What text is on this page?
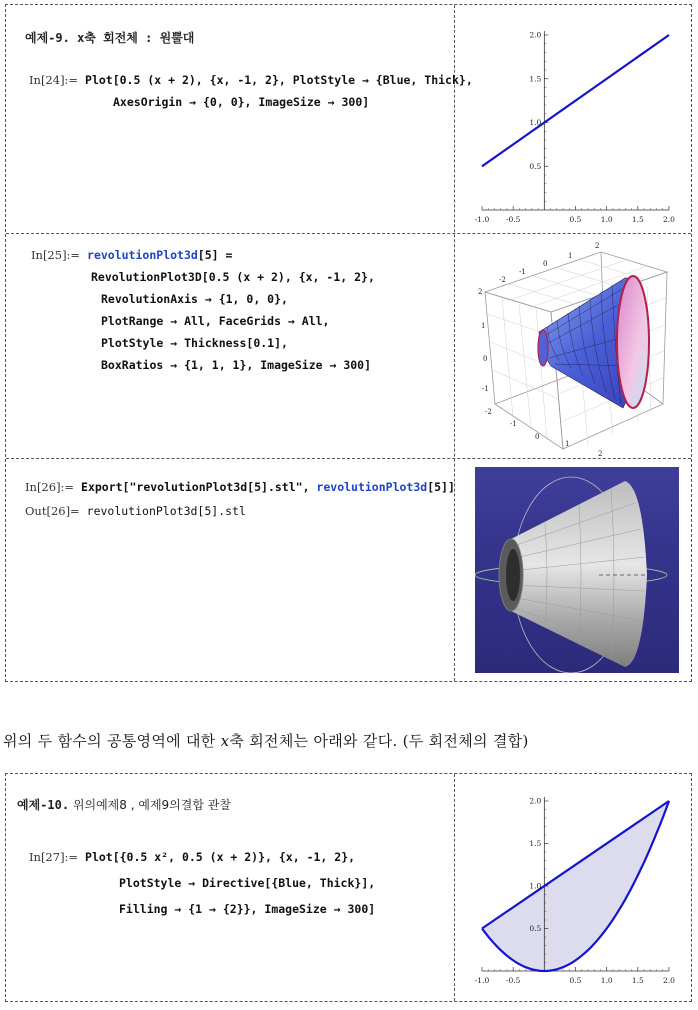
예제-9. x축 회전체 : 원뿔대
In[24]:= Plot[0.5 (x + 2), {x, -1, 2}, PlotStyle → {Blue, Thick},
AxesOrigin → {0, 0}, ImageSize → 300]
-1.0 -0.5	0.5	1.0	1.5	2.0
0.5
1.0
1.5
2.0
In[25]:= revolutionPlot3d[5] =
RevolutionPlot3D[0.5 (x + 2), {x, -1, 2},
RevolutionAxis → {1, 0, 0},
PlotRange → All, FaceGrids → All,
PlotStyle → Thickness[0.1],
BoxRatios → {1, 1, 1}, ImageSize → 300]
2
1
0
-1
-2
-1
0
1
2
-2
-1
0
1
2
In[26]:= Export["revolutionPlot3d[5].stl", revolutionPlot3d[5]]
Out[26]= revolutionPlot3d[5].stl
위의 두 함수의 공통영역에 대한 x축 회전체는 아래와 같다. (두 회전체의 결합)
예제-10. 위의예제8 , 예제9의결합 관찰
In[27]:= Plot[{0.5 x², 0.5 (x + 2)}, {x, -1, 2},
PlotStyle → Directive[{Blue, Thick}],
Filling → {1 → {2}}, ImageSize → 300]
-1.0 -0.5	0.5	1.0	1.5	2.0
0.5
1.0
1.5
2.0
